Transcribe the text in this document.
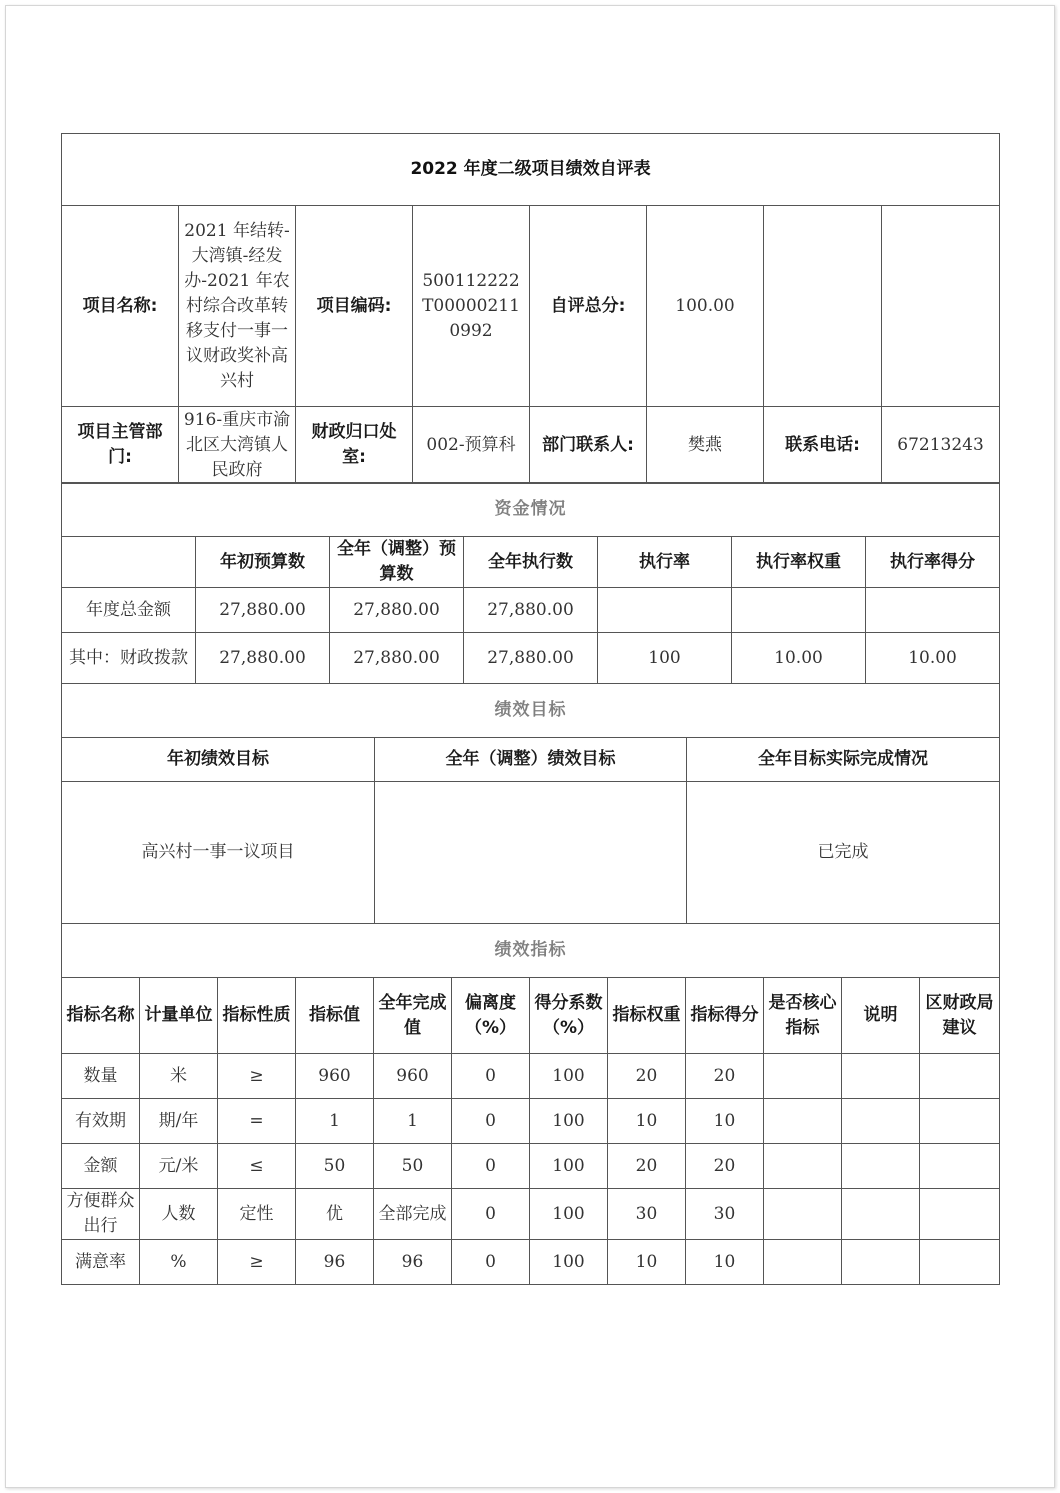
2022 年度二级项目绩效自评表							
项目名称:	2021 年结转-大湾镇-经发办-2021 年农村综合改革转移支付一事一议财政奖补高兴村	项目编码:	500112222T000002110992	自评总分:	100.00		
项目主管部门:	916-重庆市渝北区大湾镇人民政府	财政归口处室:	002-预算科	部门联系人:	樊燕	联系电话:	67213243
资金情况						
	年初预算数	全年（调整）预算数	全年执行数	执行率	执行率权重	执行率得分
年度总金额	27,880.00	27,880.00	27,880.00			
其中：财政拨款	27,880.00	27,880.00	27,880.00	100	10.00	10.00
绩效目标		
年初绩效目标	全年（调整）绩效目标	全年目标实际完成情况
高兴村一事一议项目		已完成
绩效指标											
指标名称	计量单位	指标性质	指标值	全年完成值	偏离度（%）	得分系数（%）	指标权重	指标得分	是否核心指标	说明	区财政局建议
数量	米	≥	960	960	0	100	20	20			
有效期	期/年	=	1	1	0	100	10	10			
金额	元/米	≤	50	50	0	100	20	20			
方便群众出行	人数	定性	优	全部完成	0	100	30	30			
满意率	%	≥	96	96	0	100	10	10			
